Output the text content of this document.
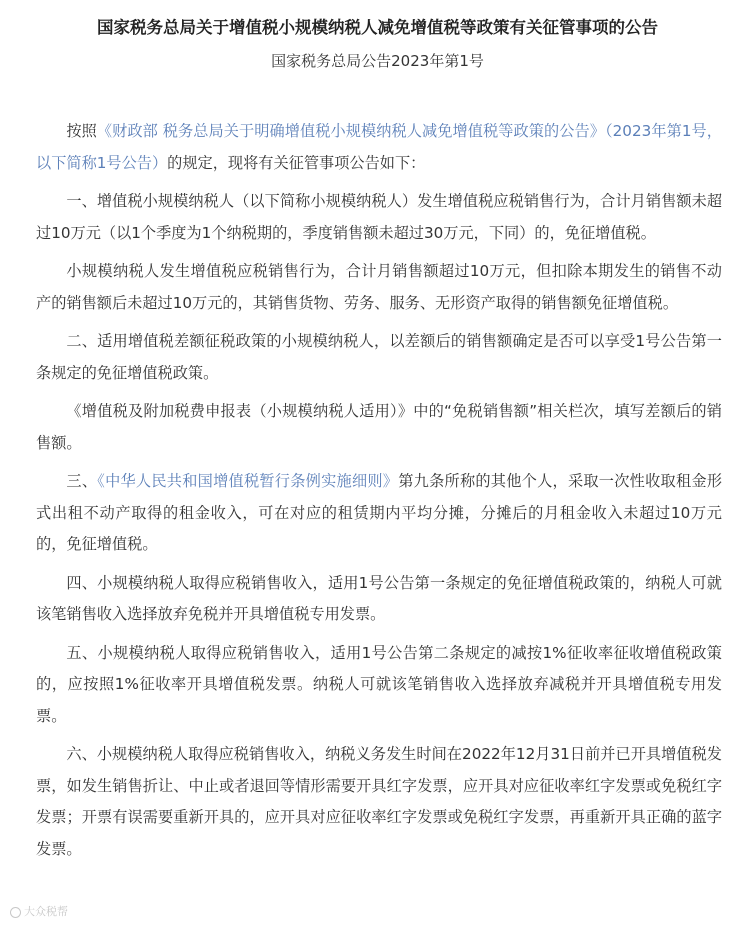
国家税务总局关于增值税小规模纳税人减免增值税等政策有关征管事项的公告
国家税务总局公告2023年第1号

按照《财政部 税务总局关于明确增值税小规模纳税人减免增值税等政策的公告》（2023年第1号，以下简称1号公告）的规定，现将有关征管事项公告如下：

一、增值税小规模纳税人（以下简称小规模纳税人）发生增值税应税销售行为，合计月销售额未超过10万元（以1个季度为1个纳税期的，季度销售额未超过30万元，下同）的，免征增值税。

小规模纳税人发生增值税应税销售行为，合计月销售额超过10万元，但扣除本期发生的销售不动产的销售额后未超过10万元的，其销售货物、劳务、服务、无形资产取得的销售额免征增值税。

二、适用增值税差额征税政策的小规模纳税人，以差额后的销售额确定是否可以享受1号公告第一条规定的免征增值税政策。

《增值税及附加税费申报表（小规模纳税人适用）》中的“免税销售额”相关栏次，填写差额后的销售额。

三、《中华人民共和国增值税暂行条例实施细则》第九条所称的其他个人，采取一次性收取租金形式出租不动产取得的租金收入，可在对应的租赁期内平均分摊，分摊后的月租金收入未超过10万元的，免征增值税。

四、小规模纳税人取得应税销售收入，适用1号公告第一条规定的免征增值税政策的，纳税人可就该笔销售收入选择放弃免税并开具增值税专用发票。

五、小规模纳税人取得应税销售收入，适用1号公告第二条规定的减按1%征收率征收增值税政策的，应按照1%征收率开具增值税发票。纳税人可就该笔销售收入选择放弃减税并开具增值税专用发票。

六、小规模纳税人取得应税销售收入，纳税义务发生时间在2022年12月31日前并已开具增值税发票，如发生销售折让、中止或者退回等情形需要开具红字发票，应开具对应征收率红字发票或免税红字发票；开票有误需要重新开具的，应开具对应征收率红字发票或免税红字发票，再重新开具正确的蓝字发票。

大众税帮
